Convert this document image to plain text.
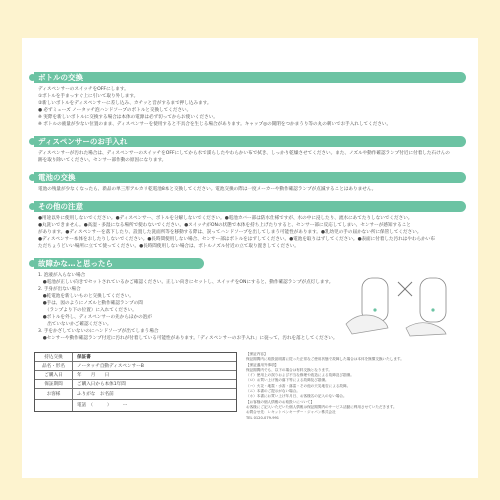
ボトルの交換
ディスペンサーのスイッチをOFFにします。
①ボトルを手まっすぐ上に引いて取り外します。
②新しいボトルをディスペンサーに差し込み、カチッと音がするまで押し込みます。
● 必ずミューズ ノータッチ泡ハンドソープのボトルと交換してください。
※ 実際を新しいボトルに交換する場合は本体の電源は必ず切ってからお使いください。
※ ボトルの液量が少ない位置のまま、ディスペンサーを使用すると不具合を生じる場合があります。キャップ◎の開閉をつかまうり等の丸の刺いでお手入れしてください。
ディスペンサーのお手入れ
ディスペンサーが汚れた場合は、ディスペンサーのスイッチをOFFにしてから水で濡らしたやわらかい布で拭き、しっかり乾燥させてください。また、ノズルや動作確認ランプ付近に付着した石けんの
跡を取り除いてください。センサー部作動の原因になります。
電池の交換
電池の残量が少なくなったら、新品の単三形アルカリ乾電池8本と交換してください。電池交換の際は一度メーカーや動作確認ランプが点滅することはありません。
その他の注意
●用途以外に使用しないでください。●ディスペンサー、ボトルを分解しないでください。●電池カバー部は防水仕様ですが、水の中に浸したり、流水にあてたりしないでください。
●丸洗いできません。●高湿・多湿になる場所で使わないでください。●スイッチがONの状態で本体を持ち上げたりすると、センサー部に反応してしまい、センサーが感知すること
があります。●ディスペンサーを落下したり、設置した洗面所等を移動する際は、誤ってハンドソープを出してしまう可能性があります。●乳幼児の手の届かない所に保管してください。
●ディスペンサー本体をおしたりしないでください。●長時間使用しない場合、センサー部はボトルをはずしてください。●電池を取りはずしてください。●表面に付着した汚れはやわらかい布
ただちょうどいい場所に立てて使ってください。●長時間使用しない場合は、ボトルノズル付近の立て取り置きしてください。
故障かな…と思ったら
1. 泡液が入らない場合
　●電池が正しい向きでセットされているかご確認ください。正しい向きにセットし、スイッチをONにすると、動作確認ランプが点灯します。
2. 手身が出ない場合
　●乾電池を新しいものと交換してください。
　●手は、図のようにノズルと動作確認ランプの間
　　（ランプより下の位置）に入れてください。
　●ボトルを外し、ディスペンサーの先からほかの泡が
　　出ていないかご確認ください。
3. 手をかざしていないのにハンドソープが出てしまう場合
　●センサーや動作確認ランプ付近に汚れが付着している可能性があります。「ディスペンサーのお手入れ」に従って、汚れを落としてください。
持込交換	保証書
品名・形名	ノータッチ自動ディスペンサーB
ご購入日	年　　月　　日
保証期間	ご購入日から本体1年間
お客様	ふりがな　お名前
電話　（　　　）　　　ー

【保証内容】

保証期間内に取扱説明書に従った正常なご使用状態で故障した場合は本体を無償交換いたします。

【保証適用外事項】

保証期間内でも、以下の場合は有料交換となります。

（イ）使用上の誤りおよび不当な修理や改造による故障及び損傷。

（ロ）お買い上げ後の落下等による故障及び損傷。

（ハ）火災・地震・水害・落雷・その他の天災地変による故障。

（ニ）本書のご提示がない場合。

（ホ）本書にお買い上げ年月日、お客様名の記入のない場合。

【お客様の個人情報のお取扱いについて】

お客様にご記入いただいた個人情報は保証期間内のサービス活動に利用させていただきます。

お問合せ先：レキットベンキーザー・ジャパン株式会社

TEL 0120-079-991
